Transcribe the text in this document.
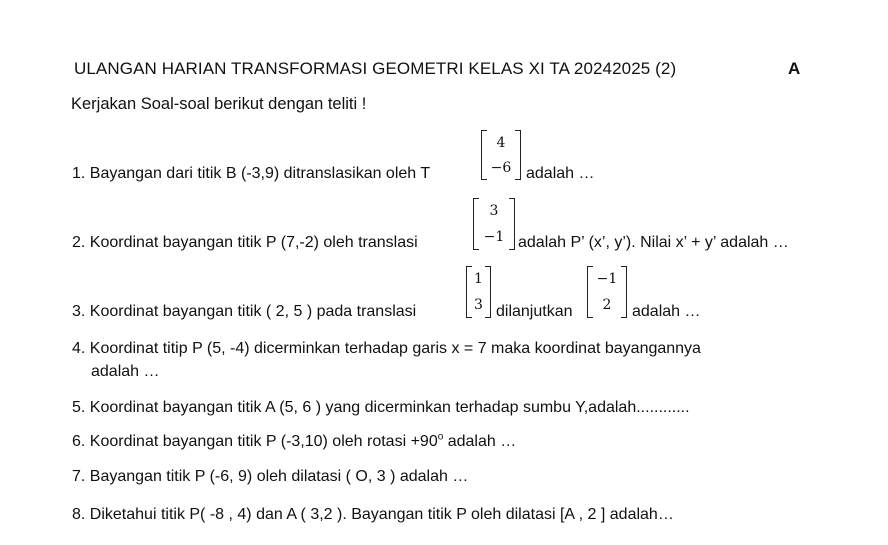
ULANGAN HARIAN TRANSFORMASI GEOMETRI KELAS XI TA 20242025 (2)	A
Kerjakan Soal-soal berikut dengan teliti !
1. Bayangan dari titik B (-3,9) ditranslasikan oleh T
4
−6 adalah …
2. Koordinat bayangan titik P (7,-2) oleh translasi
3
−1 adalah P’ (x’, y’). Nilai x’ + y’ adalah …
3. Koordinat bayangan titik ( 2, 5 ) pada translasi
1
3 dilanjutkan
−1
2 adalah …
4. Koordinat titip P (5, -4) dicerminkan terhadap garis x = 7 maka koordinat bayangannya
adalah …
5. Koordinat bayangan titik A (5, 6 ) yang dicerminkan terhadap sumbu Y,adalah............
6. Koordinat bayangan titik P (-3,10) oleh rotasi $+90^o$ adalah …
7. Bayangan titik P (-6, 9) oleh dilatasi ( O, 3 ) adalah …
8. Diketahui titik P( -8 , 4) dan A ( 3,2 ). Bayangan titik P oleh dilatasi [A , 2 ] adalah…
